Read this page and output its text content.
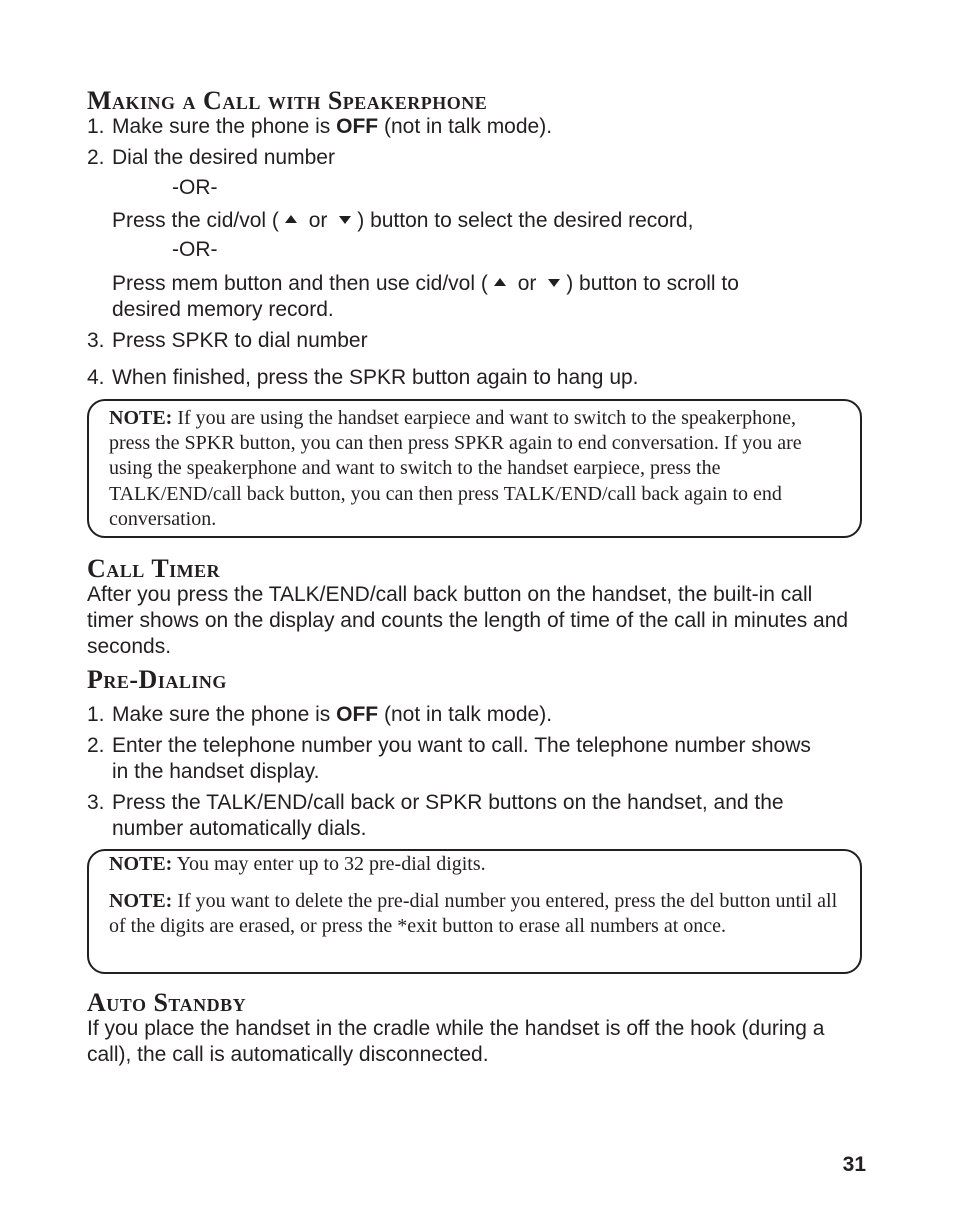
Making a Call with Speakerphone
1. Make sure the phone is OFF (not in talk mode).
2. Dial the desired number
-OR-
Press the cid/vol ( or ) button to select the desired record,
-OR-
Press mem button and then use cid/vol ( or ) button to scroll to
desired memory record.
3. Press SPKR to dial number
4. When finished, press the SPKR button again to hang up.
NOTE: If you are using the handset earpiece and want to switch to the speakerphone, press the SPKR button, you can then press SPKR again to end conversation. If you are using the speakerphone and want to switch to the handset earpiece, press the TALK/END/call back button, you can then press TALK/END/call back again to end conversation.
Call Timer
After you press the TALK/END/call back button on the handset, the built-in call timer shows on the display and counts the length of time of the call in minutes and seconds.
Pre-Dialing
1. Make sure the phone is OFF (not in talk mode).
2. Enter the telephone number you want to call. The telephone number shows in the handset display.
3. Press the TALK/END/call back or SPKR buttons on the handset, and the number automatically dials.
NOTE: You may enter up to 32 pre-dial digits.
NOTE: If you want to delete the pre-dial number you entered, press the del button until all of the digits are erased, or press the *exit button to erase all numbers at once.
Auto Standby
If you place the handset in the cradle while the handset is off the hook (during a call), the call is automatically disconnected.
31
